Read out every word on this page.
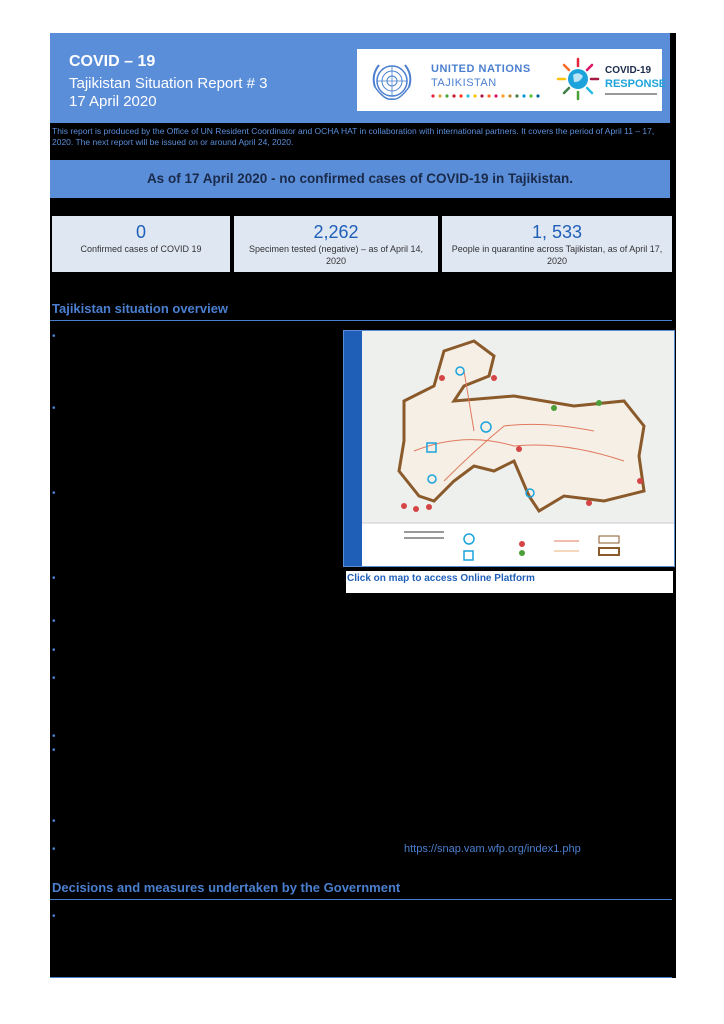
COVID – 19
Tajikistan Situation Report # 3
17 April 2020
UNITED NATIONS
TAJIKISTAN
COVID-19
RESPONSE
This report is produced by the Office of UN Resident Coordinator and OCHA HAT in collaboration with international partners. It covers the period of April 11 – 17, 2020. The next report will be issued on or around April 24, 2020.
As of 17 April 2020 - no confirmed cases of COVID-19 in Tajikistan.
0
Confirmed cases of COVID 19
2,262
Specimen tested (negative) – as of April 14, 2020
1, 533
People in quarantine across Tajikistan, as of April 17, 2020
Tajikistan situation overview
•
•
•
•
•
•
•
•
•
•
•
Click on map to access Online Platform
https://snap.vam.wfp.org/index1.php
Decisions and measures undertaken by the Government
•
